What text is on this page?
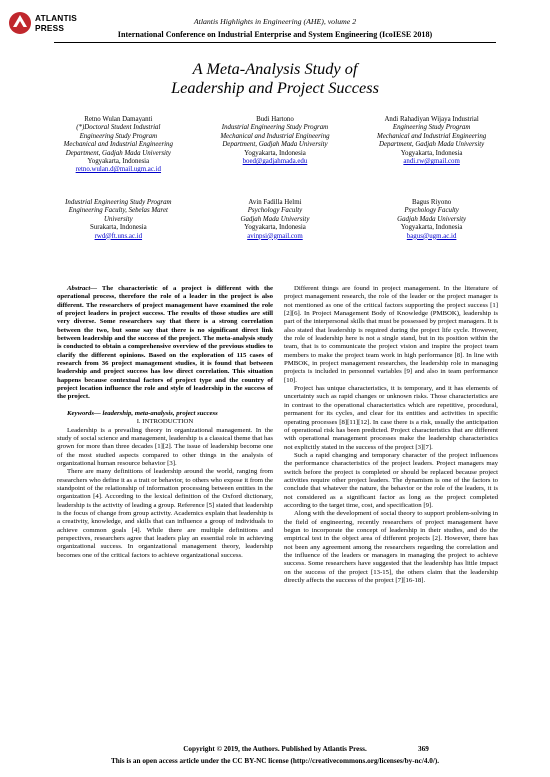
ATLANTIS
PRESS
Atlantis Highlights in Engineering (AHE), volume 2
International Conference on Industrial Enterprise and System Engineering (IcoIESE 2018)
A Meta-Analysis Study of
Leadership and Project Success
Retno Wulan Damayanti
(*)Doctoral Student Industrial
Engineering Study Program
Mechanical and Industrial Engineering
Department, Gadjah Mada University
Yogyakarta, Indonesia
retno.wulan.d@mail.ugm.ac.id
Budi Hartono
Industrial Engineering Study Program
Mechanical and Industrial Engineering
Department, Gadjah Mada University
Yogyakarta, Indonesia
boed@gadjahmada.edu
Andi Rahadiyan Wijaya Industrial
Engineering Study Program
Mechanical and Industrial Engineering
Department, Gadjah Mada University
Yogyakarta, Indonesia
andi.rw@gmail.com
Industrial Engineering Study Program
Engineering Faculty, Sebelas Maret
University
Surakarta, Indonesia
rwd@ft.uns.ac.id
Avin Fadilla Helmi
Psychology Faculty
Gadjah Mada University
Yogyakarta, Indonesia
avinpsi@gmail.com
Bagus Riyono
Psychology Faculty
Gadjah Mada University
Yogyakarta, Indonesia
bagus@ugm.ac.id

Abstract— The characteristic of a project is different with the operational process, therefore the role of a leader in the project is also different. The researchers of project management have examined the role of project leaders in project success. The results of those studies are still very diverse. Some researchers say that there is a strong correlation between the two, but some say that there is no significant direct link between leadership and the success of the project. The meta-analysis study is conducted to obtain a comprehensive overview of the previous studies to clarify the different opinions. Based on the exploration of 115 cases of research from 36 project management studies, it is found that between leadership and project success has low direct correlation. This situation happens because contextual factors of project type and the country of project location influence the role and style of leadership in the success of the project.

Keywords— leadership, meta-analysis, project success

I. INTRODUCTION

Leadership is a prevailing theory in organizational management. In the study of social science and management, leadership is a classical theme that has grown for more than three decades [1][2]. The issue of leadership become one of the most studied aspects compared to other things in the analysis of organizational human resource behavior [3].

There are many definitions of leadership around the world, ranging from researchers who define it as a trait or behavior, to others who expose it from the standpoint of the relationship of information processing between entities in the organization [4]. According to the lexical definition of the Oxford dictionary, leadership is the activity of leading a group. Reference [5] stated that leadership is the focus of change from group activity. Academics explain that leadership is a creativity, knowledge, and skills that can influence a group of individuals to achieve common goals [4]. While there are multiple definitions and perspectives, researchers agree that leaders play an essential role in achieving organizational success. In organizational management theory, leadership becomes one of the critical factors to achieve organizational success.

Different things are found in project management. In the literature of project management research, the role of the leader or the project manager is not mentioned as one of the critical factors supporting the project success [1][2][6]. In Project Management Body of Knowledge (PMBOK), leadership is part of the interpersonal skills that must be possessed by project managers. It is also stated that leadership is required during the project life cycle. However, the role of leadership here is not a single stand, but in its position within the team, that is to communicate the project vision and inspire the project team members to make the project team work in high performance [8]. In line with PMBOK, in project management researches, the leadership role in managing projects is included in personnel variables [9] and also in team performance [10].

Project has unique characteristics, it is temporary, and it has elements of uncertainty such as rapid changes or unknown risks. Those characteristics are in contrast to the operational characteristics which are repetitive, procedural, permanent for its cycles, and clear for its entities and activities in specific operating processes [8][11][12]. In case there is a risk, usually the anticipation of operational risk has been predicted. Project characteristics that are different with operational management processes make the leadership characteristics not explicitly stated in the success of the project [3][7].

Such a rapid changing and temporary character of the project influences the performance characteristics of the project leaders. Project managers may switch before the project is completed or should be replaced because project activities require other project leaders. The dynamism is one of the factors to conclude that whatever the nature, the behavior or the role of the leaders, it is not considered as a significant factor as long as the project completed according to the target time, cost, and specification [9].

Along with the development of social theory to support problem-solving in the field of engineering, recently researchers of project management have begun to incorporate the concept of leadership in their studies, and do the empirical test in the object area of different projects [2]. However, there has not been any agreement among the researchers regarding the correlation and the influence of the leaders or managers in managing the project to achieve success. Some researchers have suggested that the leadership has little impact on the success of the project [13-15], the others claim that the leadership directly affects the success of the project [7][16-18].

Copyright © 2019, the Authors. Published by Atlantis Press.	369
This is an open access article under the CC BY-NC license (http://creativecommons.org/licenses/by-nc/4.0/).
